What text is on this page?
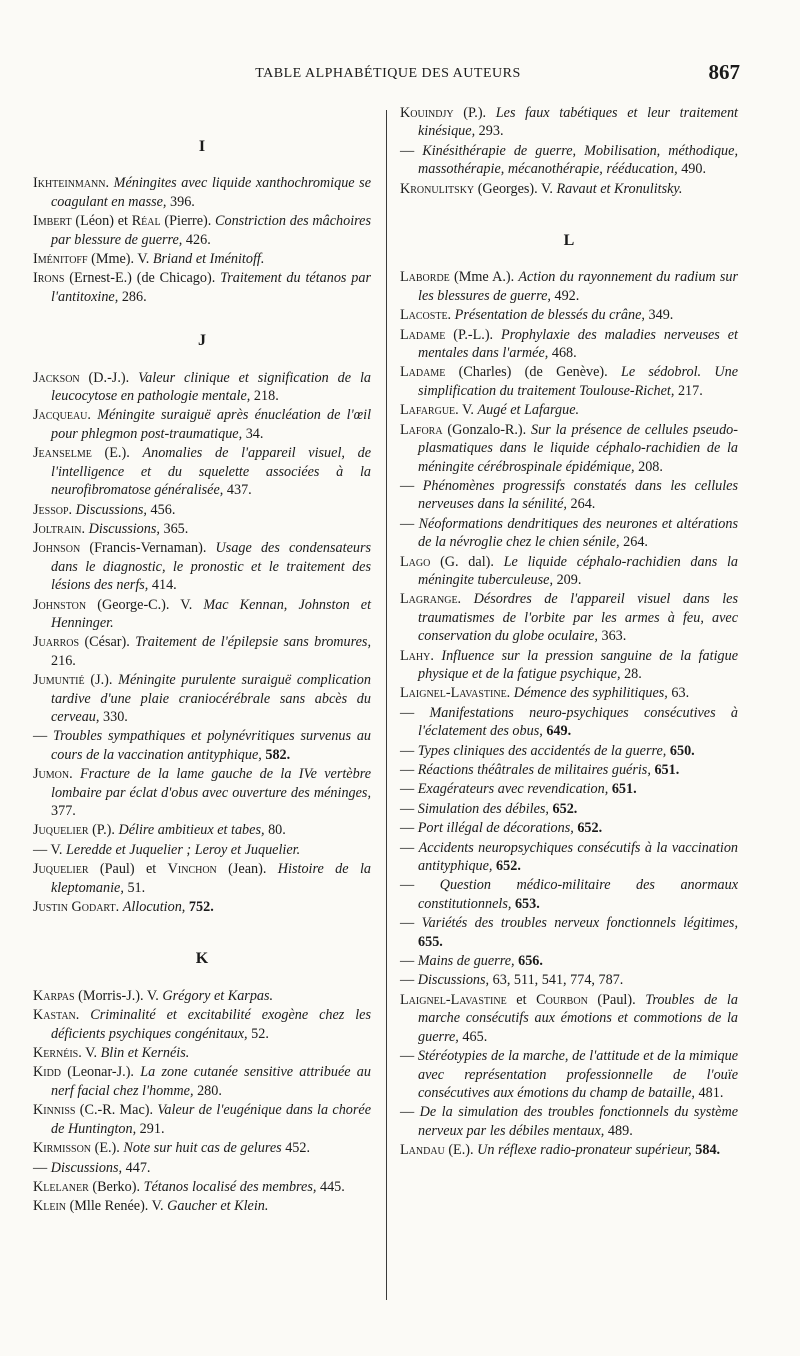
TABLE ALPHABÉTIQUE DES AUTEURS	867
I
Ikhteinmann. Méningites avec liquide xanthochromique se coagulant en masse, 396.
Imbert (Léon) et Réal (Pierre). Constriction des mâchoires par blessure de guerre, 426.
Iménitoff (Mme). V. Briand et Iménitoff.
Irons (Ernest-E.) (de Chicago). Traitement du tétanos par l'antitoxine, 286.
J
Jackson (D.-J.). Valeur clinique et signification de la leucocytose en pathologie mentale, 218.
Jacqueau. Méningite suraiguë après énucléation de l'œil pour phlegmon post-traumatique, 34.
Jeanselme (E.). Anomalies de l'appareil visuel, de l'intelligence et du squelette associées à la neurofibromatose généralisée, 437.
Jessop. Discussions, 456.
Joltrain. Discussions, 365.
Johnson (Francis-Vernaman). Usage des condensateurs dans le diagnostic, le pronostic et le traitement des lésions des nerfs, 414.
Johnston (George-C.). V. Mac Kennan, Johnston et Henninger.
Juarros (César). Traitement de l'épilepsie sans bromures, 216.
Jumuntié (J.). Méningite purulente suraiguë complication tardive d'une plaie craniocérébrale sans abcès du cerveau, 330.
— Troubles sympathiques et polynévritiques survenus au cours de la vaccination antityphique, 582.
Jumon. Fracture de la lame gauche de la IVe vertèbre lombaire par éclat d'obus avec ouverture des méninges, 377.
Juquelier (P.). Délire ambitieux et tabes, 80.
— V. Leredde et Juquelier ; Leroy et Juquelier.
Juquelier (Paul) et Vinchon (Jean). Histoire de la kleptomanie, 51.
Justin Godart. Allocution, 752.
K
Karpas (Morris-J.). V. Grégory et Karpas.
Kastan. Criminalité et excitabilité exogène chez les déficients psychiques congénitaux, 52.
Kernéis. V. Blin et Kernéis.
Kidd (Leonar-J.). La zone cutanée sensitive attribuée au nerf facial chez l'homme, 280.
Kinniss (C.-R. Mac). Valeur de l'eugénique dans la chorée de Huntington, 291.
Kirmisson (E.). Note sur huit cas de gelures 452.
— Discussions, 447.
Klelaner (Berko). Tétanos localisé des membres, 445.
Klein (Mlle Renée). V. Gaucher et Klein.
Kouindjy (P.). Les faux tabétiques et leur traitement kinésique, 293.
— Kinésithérapie de guerre, Mobilisation, méthodique, massothérapie, mécanothérapie, rééducation, 490.
Kronulitsky (Georges). V. Ravaut et Kronulitsky.
L
Laborde (Mme A.). Action du rayonnement du radium sur les blessures de guerre, 492.
Lacoste. Présentation de blessés du crâne, 349.
Ladame (P.-L.). Prophylaxie des maladies nerveuses et mentales dans l'armée, 468.
Ladame (Charles) (de Genève). Le sédobrol. Une simplification du traitement Toulouse-Richet, 217.
Lafargue. V. Augé et Lafargue.
Lafora (Gonzalo-R.). Sur la présence de cellules pseudo-plasmatiques dans le liquide céphalo-rachidien de la méningite cérébrospinale épidémique, 208.
— Phénomènes progressifs constatés dans les cellules nerveuses dans la sénilité, 264.
— Néoformations dendritiques des neurones et altérations de la névroglie chez le chien sénile, 264.
Lago (G. dal). Le liquide céphalo-rachidien dans la méningite tuberculeuse, 209.
Lagrange. Désordres de l'appareil visuel dans les traumatismes de l'orbite par les armes à feu, avec conservation du globe oculaire, 363.
Lahy. Influence sur la pression sanguine de la fatigue physique et de la fatigue psychique, 28.
Laignel-Lavastine. Démence des syphilitiques, 63.
— Manifestations neuro-psychiques consécutives à l'éclatement des obus, 649.
— Types cliniques des accidentés de la guerre, 650.
— Réactions théâtrales de militaires guéris, 651.
— Exagérateurs avec revendication, 651.
— Simulation des débiles, 652.
— Port illégal de décorations, 652.
— Accidents neuropsychiques consécutifs à la vaccination antityphique, 652.
— Question médico-militaire des anormaux constitutionnels, 653.
— Variétés des troubles nerveux fonctionnels légitimes, 655.
— Mains de guerre, 656.
— Discussions, 63, 511, 541, 774, 787.
Laignel-Lavastine et Courbon (Paul). Troubles de la marche consécutifs aux émotions et commotions de la guerre, 465.
— Stéréotypies de la marche, de l'attitude et de la mimique avec représentation professionnelle de l'ouïe consécutives aux émotions du champ de bataille, 481.
— De la simulation des troubles fonctionnels du système nerveux par les débiles mentaux, 489.
Landau (E.). Un réflexe radio-pronateur supérieur, 584.
